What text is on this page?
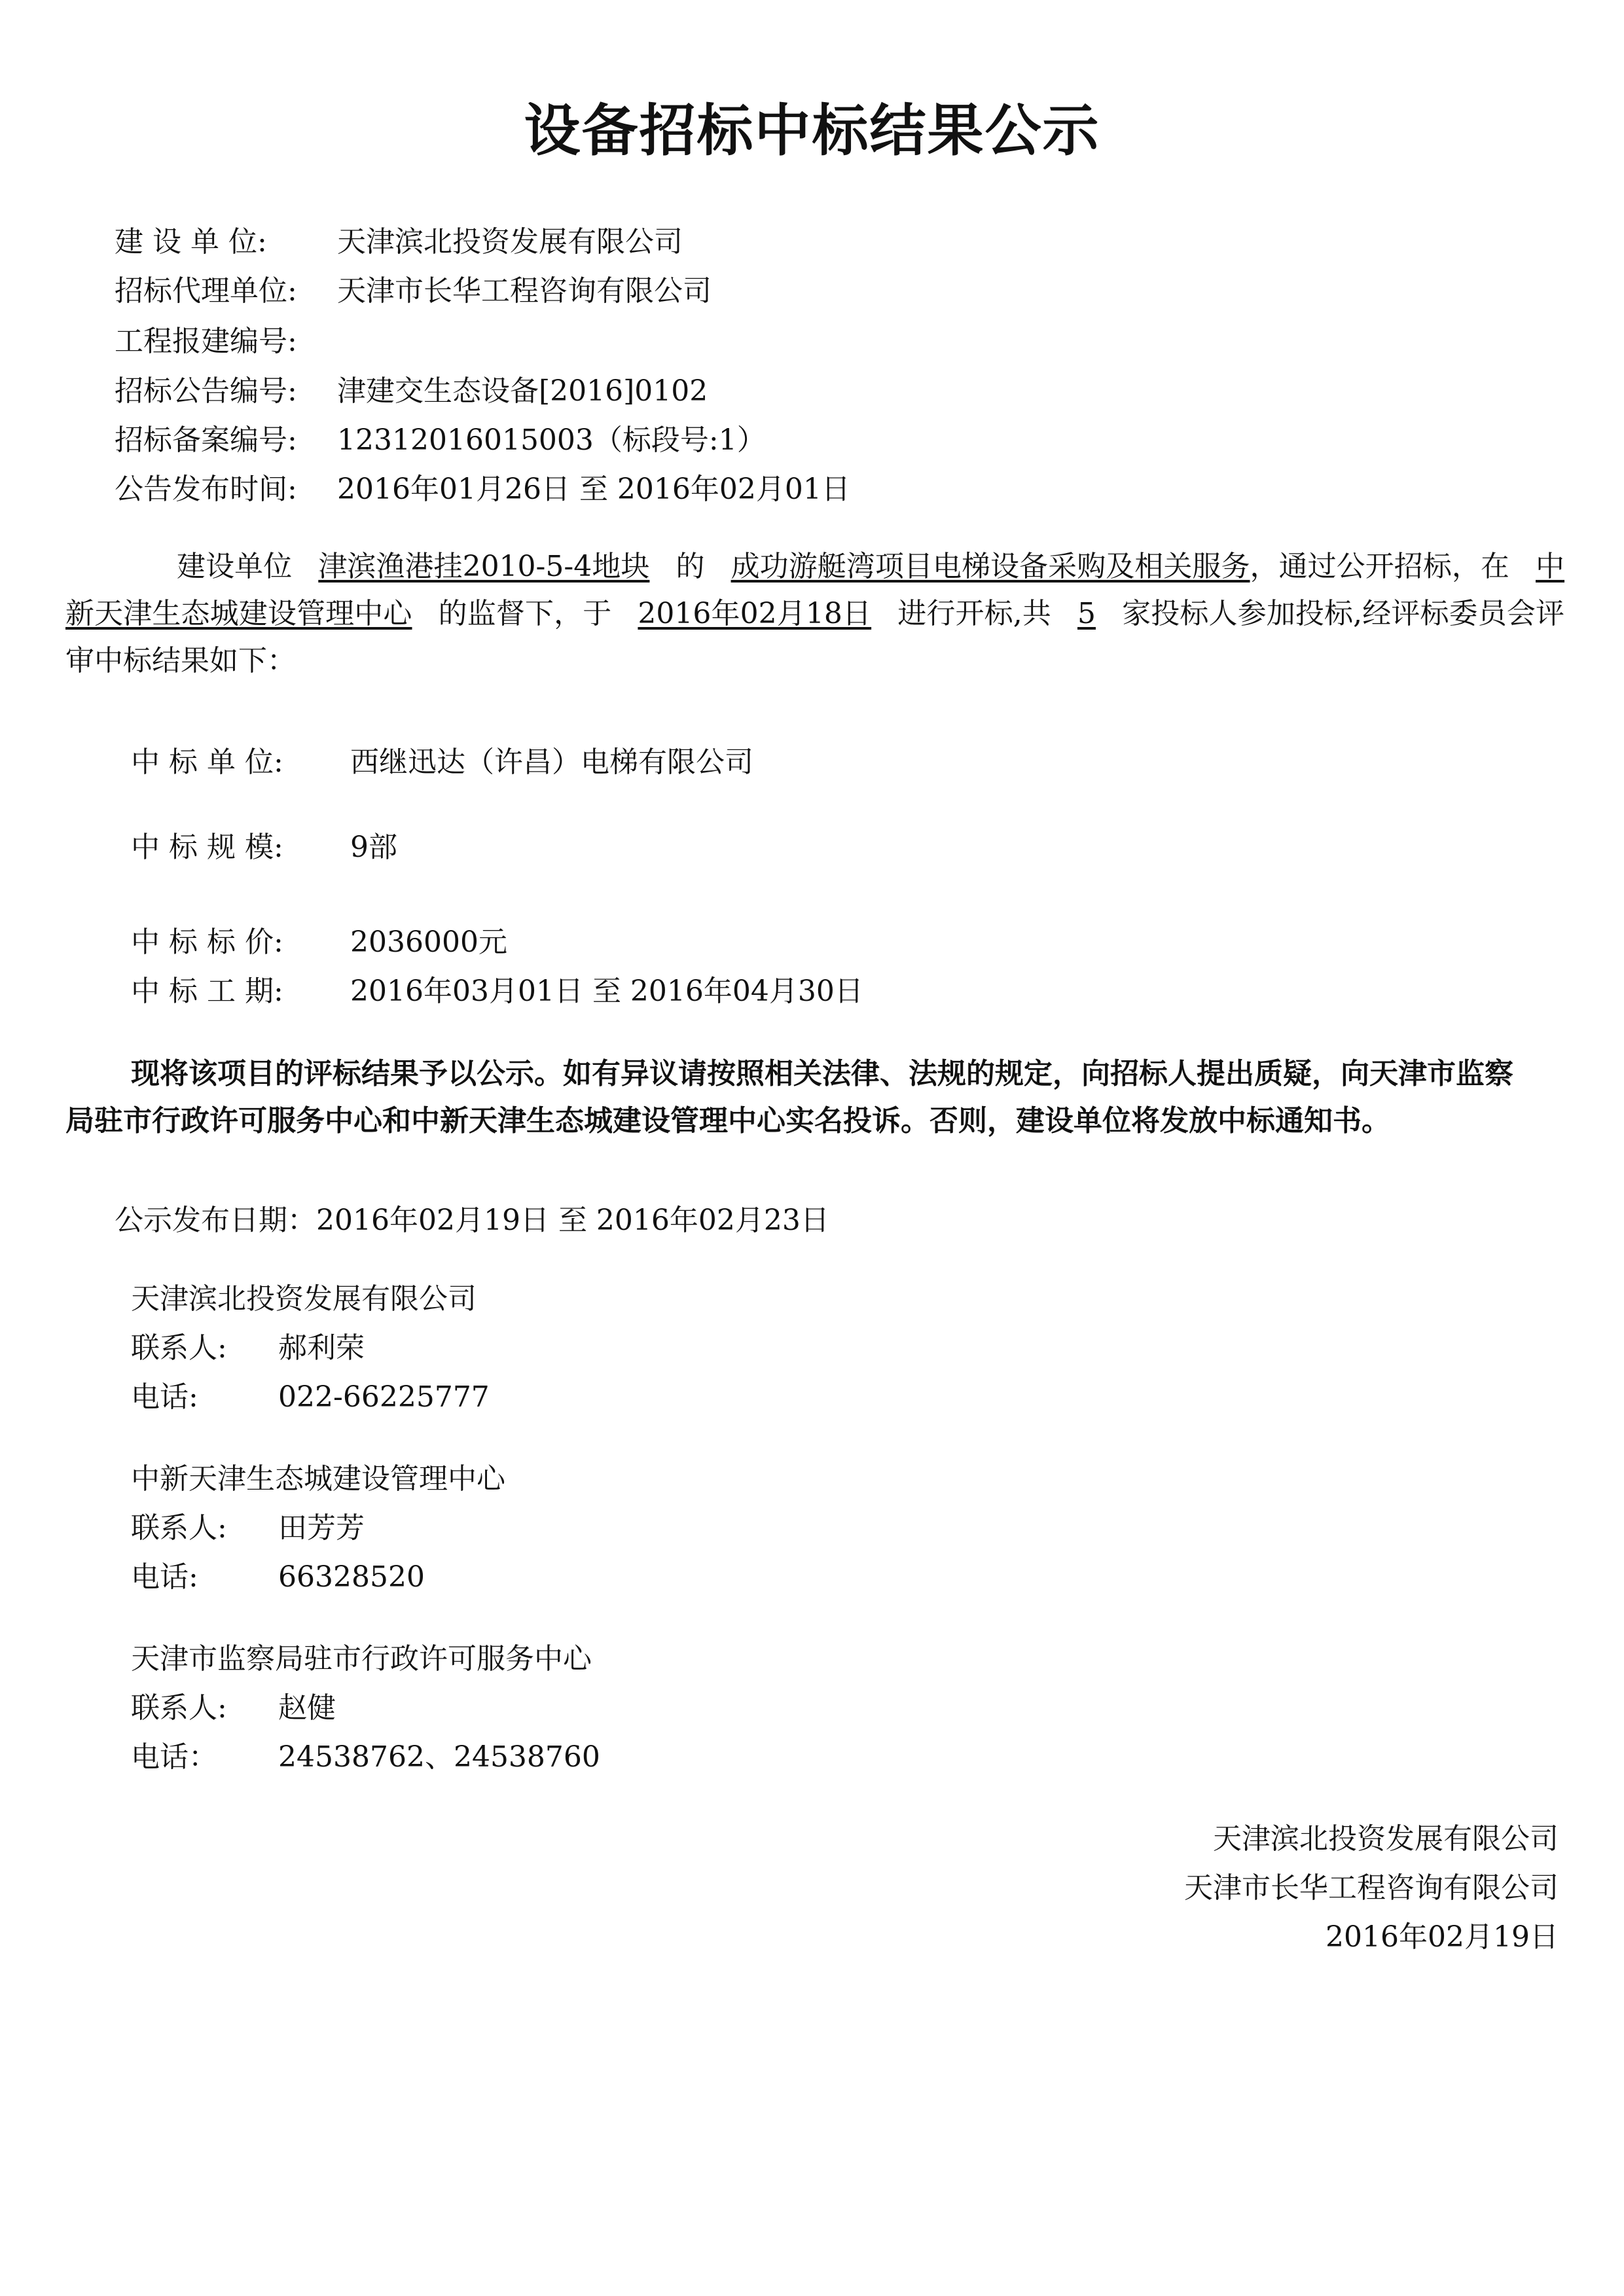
设备招标中标结果公示
建 设 单 位: 天津滨北投资发展有限公司
招标代理单位: 天津市长华工程咨询有限公司
工程报建编号:
招标公告编号: 津建交生态设备[2016]0102
招标备案编号: 12312016015003（标段号:1）
公告发布时间: 2016年01月26日 至 2016年02月01日
建设单位 津滨渔港挂2010-5-4地块 的 成功游艇湾项目电梯设备采购及相关服务，通过公开招标，在 中新天津生态城建设管理中心 的监督下，于 2016年02月18日 进行开标,共 5 家投标人参加投标,经评标委员会评审中标结果如下：
中 标 单 位: 西继迅达（许昌）电梯有限公司
中 标 规 模: 9部
中 标 标 价: 2036000元
中 标 工 期: 2016年03月01日 至 2016年04月30日
现将该项目的评标结果予以公示。如有异议请按照相关法律、法规的规定，向招标人提出质疑，向天津市监察局驻市行政许可服务中心和中新天津生态城建设管理中心实名投诉。否则，建设单位将发放中标通知书。
公示发布日期：2016年02月19日 至 2016年02月23日
天津滨北投资发展有限公司
联系人: 郝利荣
电话:	022-66225777
中新天津生态城建设管理中心
联系人: 田芳芳
电话:	66328520
天津市监察局驻市行政许可服务中心
联系人: 赵健
电话： 24538762、24538760
天津滨北投资发展有限公司
天津市长华工程咨询有限公司
2016年02月19日
